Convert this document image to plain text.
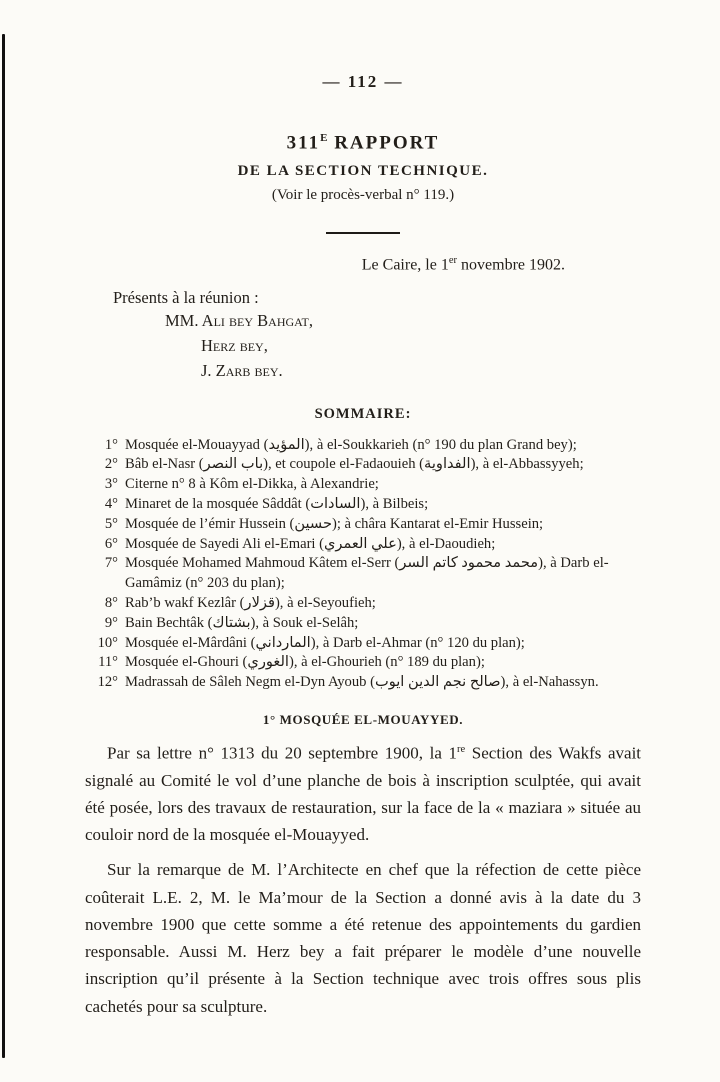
— 112 —
$311^E$ RAPPORT
DE LA SECTION TECHNIQUE.
(Voir le procès-verbal n° 119.)
Le Caire, le 1er novembre 1902.
Présents à la réunion :
MM. Ali bey Bahgat,
Herz bey,
J. Zarb bey.
SOMMAIRE:
1° Mosquée el-Mouayyad (المؤيد), à el-Soukkarieh (n° 190 du plan Grand bey);
2° Bâb el-Nasr (باب النصر), et coupole el-Fadaouieh (الفداوية), à el-Abbassyyeh;
3° Citerne n° 8 à Kôm el-Dikka, à Alexandrie;
4° Minaret de la mosquée Sâddât (السادات), à Bilbeis;
5° Mosquée de l’émir Hussein (حسين); à châra Kantarat el-Emir Hussein;
6° Mosquée de Sayedi Ali el-Emari (علي العمري), à el-Daoudieh;
7° Mosquée Mohamed Mahmoud Kâtem el-Serr (محمد محمود كاتم السر), à Darb el-Gamâmiz (n° 203 du plan);
8° Rab’b wakf Kezlâr (قزلار), à el-Seyoufieh;
9° Bain Bechtâk (بشتاك), à Souk el-Selâh;
10° Mosquée el-Mârdâni (المارداني), à Darb el-Ahmar (n° 120 du plan);
11° Mosquée el-Ghouri (الغوري), à el-Ghourieh (n° 189 du plan);
12° Madrassah de Sâleh Negm el-Dyn Ayoub (صالح نجم الدين ايوب), à el-Nahassyn.
1° MOSQUÉE EL-MOUAYYED.

Par sa lettre n° 1313 du 20 septembre 1900, la 1re Section des Wakfs avait signalé au Comité le vol d’une planche de bois à inscription sculptée, qui avait été posée, lors des travaux de restauration, sur la face de la « maziara » située au couloir nord de la mosquée el-Mouayyed.

Sur la remarque de M. l’Architecte en chef que la réfection de cette pièce coûterait L.E. 2, M. le Ma’mour de la Section a donné avis à la date du 3 novembre 1900 que cette somme a été retenue des appointements du gardien responsable. Aussi M. Herz bey a fait préparer le modèle d’une nouvelle inscription qu’il présente à la Section technique avec trois offres sous plis cachetés pour sa sculpture.
